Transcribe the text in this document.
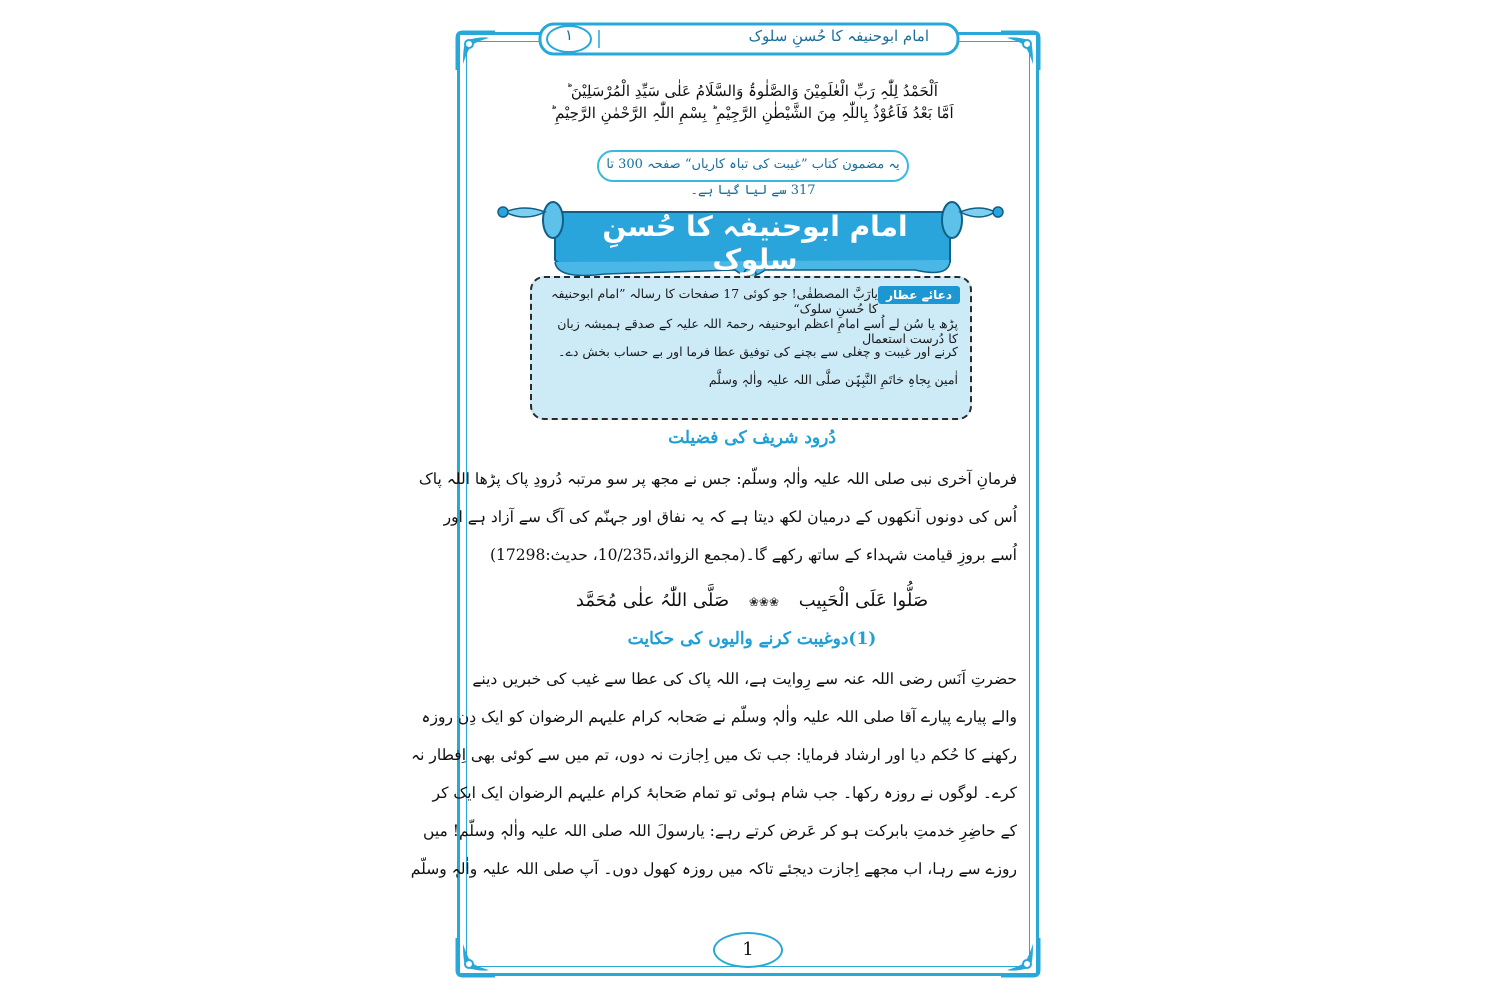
١	امام ابوحنیفہ کا حُسنِ سلوک
اَلْحَمْدُ لِلّٰہِ رَبِّ الْعٰلَمِیْنَ وَالصَّلٰوۃُ وَالسَّلَامُ عَلٰی سَیِّدِ الْمُرْسَلِیْنَ ؕ
اَمَّا بَعْدُ فَاَعُوْذُ بِاللّٰہِ مِنَ الشَّیْطٰنِ الرَّجِیْمِ ؕ بِسْمِ اللّٰہِ الرَّحْمٰنِ الرَّحِیْمِ ؕ
یہ مضمون کتاب ”غیبت کی تباہ کاریاں“ صفحہ 300 تا 317 سے لیا گیا ہے۔
امام ابوحنیفہ کا حُسنِ سلوک
دعائے عطار
یارَبَّ المصطفٰی! جو کوئی 17 صفحات کا رسالہ ”امام ابوحنیفہ کا حُسنِ سلوک“
پڑھ یا سُن لے اُسے امامِ اعظم ابوحنیفہ رحمۃ اللہ علیہ کے صدقے ہمیشہ زبان کا دُرست استعمال
کرنے اور غیبت و چغلی سے بچنے کی توفیق عطا فرما اور بے حساب بخش دے۔
اٰمین بِجاہِ خاتَمِ النَّبِیّٖن صلَّی اللہ علیہ واٰلہٖ وسلَّم
دُرود شریف کی فضیلت
فرمانِ آخری نبی صلی اللہ علیہ واٰلہٖ وسلّم: جس نے مجھ پر سو مرتبہ دُرودِ پاک پڑھا اللہ پاک
اُس کی دونوں آنکھوں کے درمیان لکھ دیتا ہے کہ یہ نفاق اور جہنّم کی آگ سے آزاد ہے اور
اُسے بروزِ قیامت شہداء کے ساتھ رکھے گا۔(مجمع الزوائد،10/235، حدیث:17298)
صَلُّوا عَلَی الْحَبِیب ❀❀❀ صَلَّی اللّٰہُ علٰی مُحَمَّد
(1)دوغیبت کرنے والیوں کی حکایت
حضرتِ اَنَس رضی اللہ عنہ سے رِوایت ہے، اللہ پاک کی عطا سے غیب کی خبریں دینے
والے پیارے پیارے آقا صلی اللہ علیہ واٰلہٖ وسلّم نے صَحابہ کرام علیہم الرضوان کو ایک دِن روزہ
رکھنے کا حُکم دیا اور ارشاد فرمایا: جب تک میں اِجازت نہ دوں، تم میں سے کوئی بھی اِفطار نہ
کرے۔ لوگوں نے روزہ رکھا۔ جب شام ہوئی تو تمام صَحابۂ کرام علیہم الرضوان ایک ایک کر
کے حاضِرِ خدمتِ بابرکت ہو کر عَرض کرتے رہے: یارسولَ اللہ صلی اللہ علیہ واٰلہٖ وسلّم! میں
روزے سے رہا، اب مجھے اِجازت دیجئے تاکہ میں روزہ کھول دوں۔ آپ صلی اللہ علیہ واٰلہٖ وسلّم
1
